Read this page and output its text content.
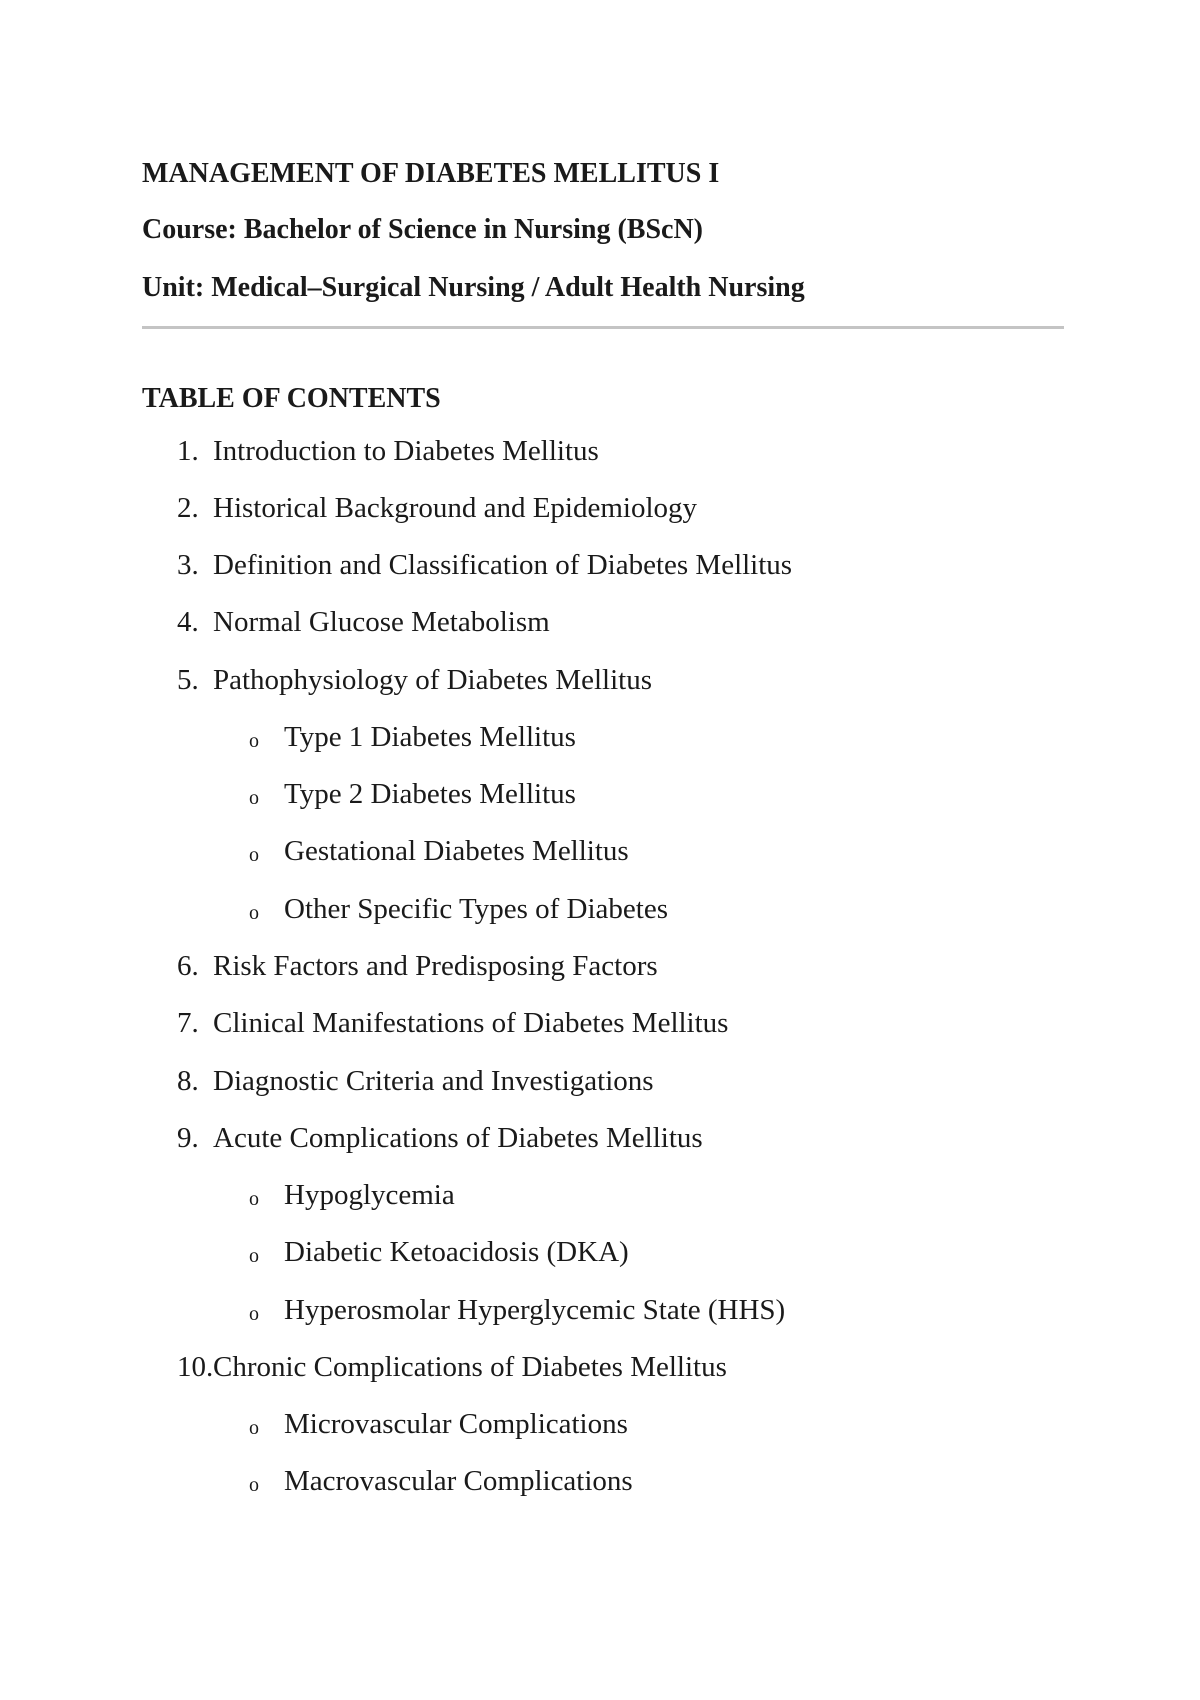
MANAGEMENT OF DIABETES MELLITUS I
Course: Bachelor of Science in Nursing (BScN)
Unit: Medical–Surgical Nursing / Adult Health Nursing
TABLE OF CONTENTS
1. Introduction to Diabetes Mellitus
2. Historical Background and Epidemiology
3. Definition and Classification of Diabetes Mellitus
4. Normal Glucose Metabolism
5. Pathophysiology of Diabetes Mellitus
o Type 1 Diabetes Mellitus
o Type 2 Diabetes Mellitus
o Gestational Diabetes Mellitus
o Other Specific Types of Diabetes
6. Risk Factors and Predisposing Factors
7. Clinical Manifestations of Diabetes Mellitus
8. Diagnostic Criteria and Investigations
9. Acute Complications of Diabetes Mellitus
o Hypoglycemia
o Diabetic Ketoacidosis (DKA)
o Hyperosmolar Hyperglycemic State (HHS)
10. Chronic Complications of Diabetes Mellitus
o Microvascular Complications
o Macrovascular Complications
